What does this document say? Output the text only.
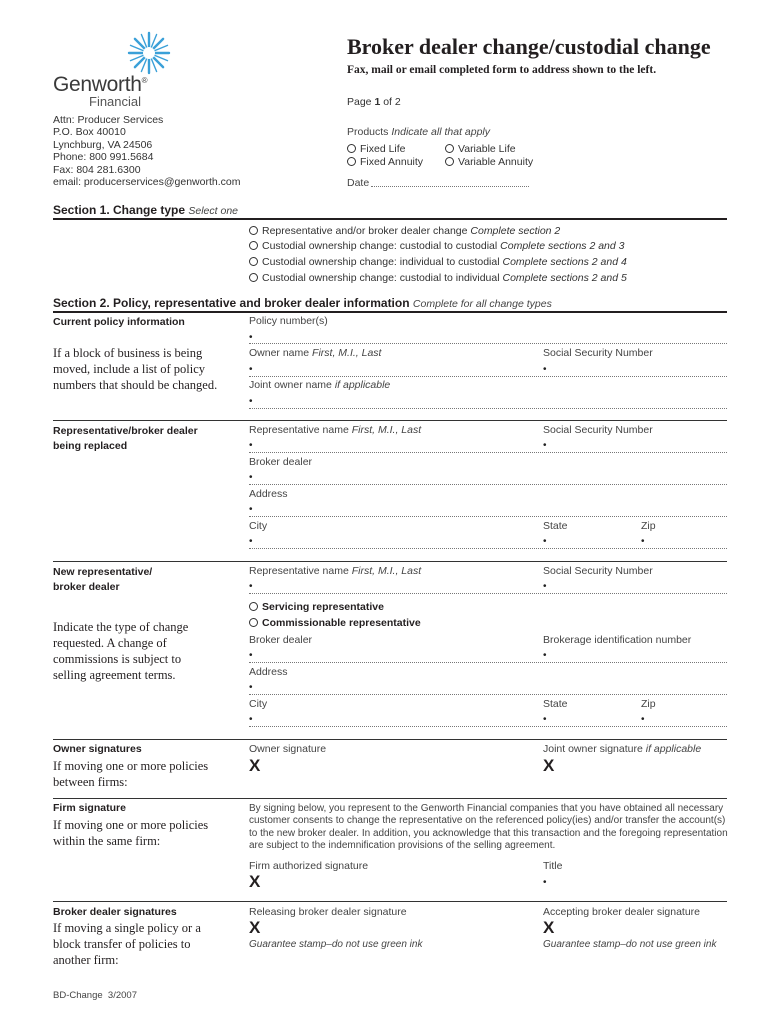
Genworth®
Financial
Broker dealer change/custodial change
Fax, mail or email completed form to address shown to the left.
Page 1 of 2
Attn: Producer Services
P.O. Box 40010
Lynchburg, VA 24506
Phone: 800 991.5684
Fax: 804 281.6300
email: producerservices@genworth.com
Products Indicate all that apply
Fixed Life	Variable Life
Fixed Annuity	Variable Annuity
Date
Section 1. Change type Select one
Representative and/or broker dealer change Complete section 2
Custodial ownership change: custodial to custodial Complete sections 2 and 3
Custodial ownership change: individual to custodial Complete sections 2 and 4
Custodial ownership change: custodial to individual Complete sections 2 and 5
Section 2. Policy, representative and broker dealer information Complete for all change types
Current policy information
If a block of business is being moved, include a list of policy numbers that should be changed.
Policy number(s)
•
Owner name First, M.I., Last	Social Security Number
•	•
Joint owner name if applicable
•
Representative/broker dealer being replaced
Representative name First, M.I., Last	Social Security Number
•	•
Broker dealer
•
Address
•
City	State	Zip
•	•	•
New representative/ broker dealer
Indicate the type of change requested. A change of commissions is subject to selling agreement terms.
Representative name First, M.I., Last	Social Security Number
•	•
Servicing representative
Commissionable representative
Broker dealer	Brokerage identification number
•	•
Address
•
City	State	Zip
•	•	•
Owner signatures
If moving one or more policies between firms:
Owner signature	Joint owner signature if applicable
X	X
Firm signature
If moving one or more policies within the same firm:
By signing below, you represent to the Genworth Financial companies that you have obtained all necessary customer consents to change the representative on the referenced policy(ies) and/or transfer the account(s) to the new broker dealer. In addition, you acknowledge that this transaction and the foregoing representation are subject to the indemnification provisions of the selling agreement.
Firm authorized signature	Title
X	•
Broker dealer signatures
If moving a single policy or a block transfer of policies to another firm:
Releasing broker dealer signature	Accepting broker dealer signature
X	X
Guarantee stamp–do not use green ink	Guarantee stamp–do not use green ink
BD-Change  3/2007
